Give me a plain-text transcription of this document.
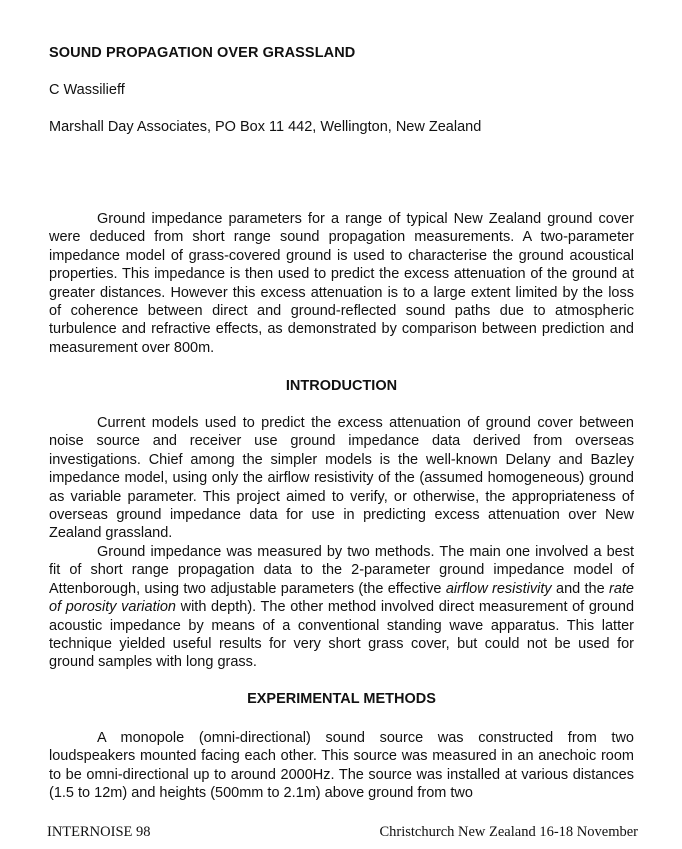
SOUND PROPAGATION OVER GRASSLAND
C Wassilieff
Marshall Day Associates, PO Box 11 442, Wellington, New Zealand

Ground impedance parameters for a range of typical New Zealand ground cover were deduced from short range sound propagation measurements. A two-parameter impedance model of grass-covered ground is used to characterise the ground acoustical properties. This impedance is then used to predict the excess attenuation of the ground at greater distances. However this excess attenuation is to a large extent limited by the loss of coherence between direct and ground-reflected sound paths due to atmospheric turbulence and refractive effects, as demonstrated by comparison between prediction and measurement over 800m.

INTRODUCTION

Current models used to predict the excess attenuation of ground cover between noise source and receiver use ground impedance data derived from overseas investigations. Chief among the simpler models is the well-known Delany and Bazley impedance model, using only the airflow resistivity of the (assumed homogeneous) ground as variable parameter. This project aimed to verify, or otherwise, the appropriateness of overseas ground impedance data for use in predicting excess attenuation over New Zealand grassland.

Ground impedance was measured by two methods. The main one involved a best fit of short range propagation data to the 2-parameter ground impedance model of Attenborough, using two adjustable parameters (the effective airflow resistivity and the rate of porosity variation with depth). The other method involved direct measurement of ground acoustic impedance by means of a conventional standing wave apparatus. This latter technique yielded useful results for very short grass cover, but could not be used for ground samples with long grass.

EXPERIMENTAL METHODS

A monopole (omni-directional) sound source was constructed from two loudspeakers mounted facing each other. This source was measured in an anechoic room to be omni-directional up to around 2000Hz. The source was installed at various distances (1.5 to 12m) and heights (500mm to 2.1m) above ground from two

INTERNOISE 98	Christchurch New Zealand 16-18 November
